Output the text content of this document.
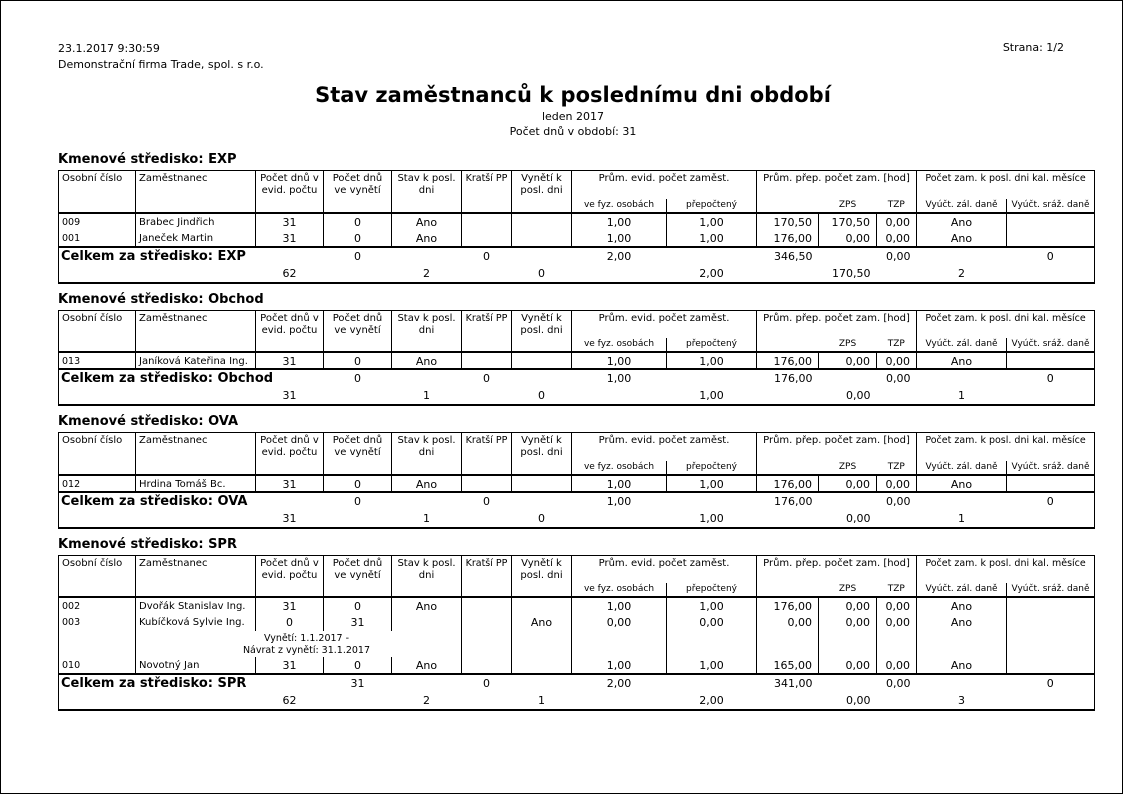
23.1.2017 9:30:59
Demonstrační firma Trade, spol. s r.o.
Strana: 1/2
Stav zaměstnanců k poslednímu dni období
leden 2017
Počet dnů v období: 31
Kmenové středisko: EXP
Osobní číslo	Zaměstnanec	Počet dnů v evid. počtu	Počet dnů ve vynětí	Stav k posl. dni	Kratší PP	Vynětí k posl. dni	Prům. evid. počet zaměst.		Prům. přep. počet zam. [hod]			Počet zam. k posl. dni kal. měsíce	
							ve fyz. osobách	přepočtený		ZPS	TZP	Vyúčt. zál. daně	Vyúčt. sráž. daně
009	Brabec Jindřich	31	0	Ano			1,00	1,00	170,50	170,50	0,00	Ano	
001	Janeček Martin	31	0	Ano			1,00	1,00	176,00	0,00	0,00	Ano	
Celkem za středisko: EXP			0		0		2,00		346,50		0,00		0
		62		2		0		2,00		170,50		2	
Kmenové středisko: Obchod
Osobní číslo	Zaměstnanec	Počet dnů v evid. počtu	Počet dnů ve vynětí	Stav k posl. dni	Kratší PP	Vynětí k posl. dni	Prům. evid. počet zaměst.		Prům. přep. počet zam. [hod]			Počet zam. k posl. dni kal. měsíce	
							ve fyz. osobách	přepočtený		ZPS	TZP	Vyúčt. zál. daně	Vyúčt. sráž. daně
013	Janíková Kateřina Ing.	31	0	Ano			1,00	1,00	176,00	0,00	0,00	Ano	
Celkem za středisko: Obchod			0		0		1,00		176,00		0,00		0
		31		1		0		1,00		0,00		1	
Kmenové středisko: OVA
Osobní číslo	Zaměstnanec	Počet dnů v evid. počtu	Počet dnů ve vynětí	Stav k posl. dni	Kratší PP	Vynětí k posl. dni	Prům. evid. počet zaměst.		Prům. přep. počet zam. [hod]			Počet zam. k posl. dni kal. měsíce	
							ve fyz. osobách	přepočtený		ZPS	TZP	Vyúčt. zál. daně	Vyúčt. sráž. daně
012	Hrdina Tomáš Bc.	31	0	Ano			1,00	1,00	176,00	0,00	0,00	Ano	
Celkem za středisko: OVA			0		0		1,00		176,00		0,00		0
		31		1		0		1,00		0,00		1	
Kmenové středisko: SPR
Osobní číslo	Zaměstnanec	Počet dnů v evid. počtu	Počet dnů ve vynětí	Stav k posl. dni	Kratší PP	Vynětí k posl. dni	Prům. evid. počet zaměst.		Prům. přep. počet zam. [hod]			Počet zam. k posl. dni kal. měsíce	
							ve fyz. osobách	přepočtený		ZPS	TZP	Vyúčt. zál. daně	Vyúčt. sráž. daně
002	Dvořák Stanislav Ing.	31	0	Ano			1,00	1,00	176,00	0,00	0,00	Ano	
003	Kubíčková Sylvie Ing.	0	31			Ano	0,00	0,00	0,00	0,00	0,00	Ano	

	Vynětí: 1.1.2017 -
Návrat z vynětí: 31.1.2017												

010	Novotný Jan	31	0	Ano			1,00	1,00	165,00	0,00	0,00	Ano	
Celkem za středisko: SPR			31		0		2,00		341,00		0,00		0
		62		2		1		2,00		0,00		3	
